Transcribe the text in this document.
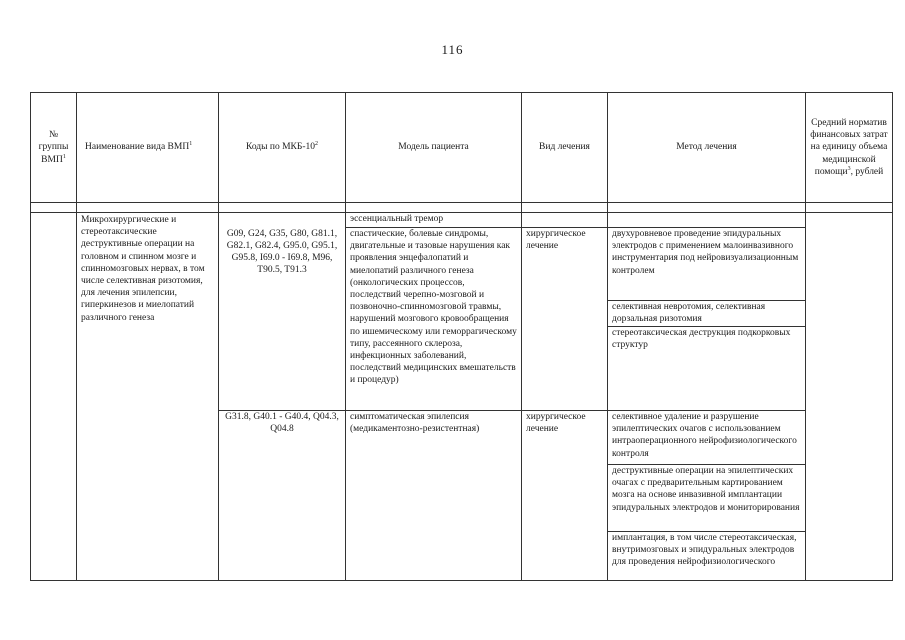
116
№ группы ВМП$^1$	Наименование вида ВМП$^1$	Коды по МКБ-$10^2$	Модель пациента	Вид лечения	Метод лечения	Средний норматив финансовых затрат на единицу объема медицинской помощи$^3$, рублей

	Микрохирургические и стереотаксические деструктивные операции на головном и спинном мозге и спинномозговых нервах, в том числе селективная ризотомия, для лечения эпилепсии, гиперкинезов и миелопатий различного генеза		эссенциальный тремор			
		G09, G24, G35, G80, G81.1, G82.1, G82.4, G95.0, G95.1, G95.8, I69.0 - I69.8, M96, T90.5, T91.3	спастические, болевые синдромы, двигательные и тазовые нарушения как проявления энцефалопатий и миелопатий различного генеза (онкологических процессов, последствий черепно-мозговой и позвоночно-спинномозговой травмы, нарушений мозгового кровообращения по ишемическому или геморрагическому типу, рассеянного склероза, инфекционных заболеваний, последствий медицинских вмешательств и процедур)	хирургическое лечение	двухуровневое проведение эпидуральных электродов с применением малоинвазивного инструментария под нейровизуализационным контролем	
					селективная невротомия, селективная дорзальная ризотомия	
					стереотаксическая деструкция подкорковых структур	
		G31.8, G40.1 - G40.4, Q04.3, Q04.8	симптоматическая эпилепсия (медикаментозно-резистентная)	хирургическое лечение	селективное удаление и разрушение эпилептических очагов с использованием интраоперационного нейрофизиологического контроля	
					деструктивные операции на эпилептических очагах с предварительным картированием мозга на основе инвазивной имплантации эпидуральных электродов и мониторирования	
					имплантация, в том числе стереотаксическая, внутримозговых и эпидуральных электродов для проведения нейрофизиологического	
